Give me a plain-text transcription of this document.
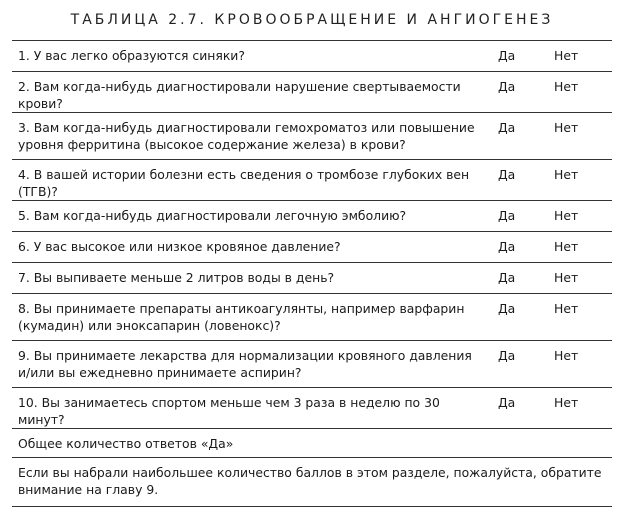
ТАБЛИЦА 2.7. КРОВООБРАЩЕНИЕ И АНГИОГЕНЕЗ
1. У вас легко образуются синяки?	Да	Нет
2. Вам когда-нибудь диагностировали нарушение свертываемости крови?	Да	Нет
3. Вам когда-нибудь диагностировали гемохроматоз или повышение уровня ферритина (высокое содержание железа) в крови?	Да	Нет
4. В вашей истории болезни есть сведения о тромбозе глубоких вен (ТГВ)?	Да	Нет
5. Вам когда-нибудь диагностировали легочную эмболию?	Да	Нет
6. У вас высокое или низкое кровяное давление?	Да	Нет
7. Вы выпиваете меньше 2 литров воды в день?	Да	Нет
8. Вы принимаете препараты антикоагулянты, например варфарин (кумадин) или эноксапарин (ловенокс)?	Да	Нет
9. Вы принимаете лекарства для нормализации кровяного давления и/или вы ежедневно принимаете аспирин?	Да	Нет
10. Вы занимаетесь спортом меньше чем 3 раза в неделю по 30 минут?	Да	Нет
Общее количество ответов «Да»		
Если вы набрали наибольшее количество баллов в этом разделе, пожалуйста, обратите внимание на главу 9.		
